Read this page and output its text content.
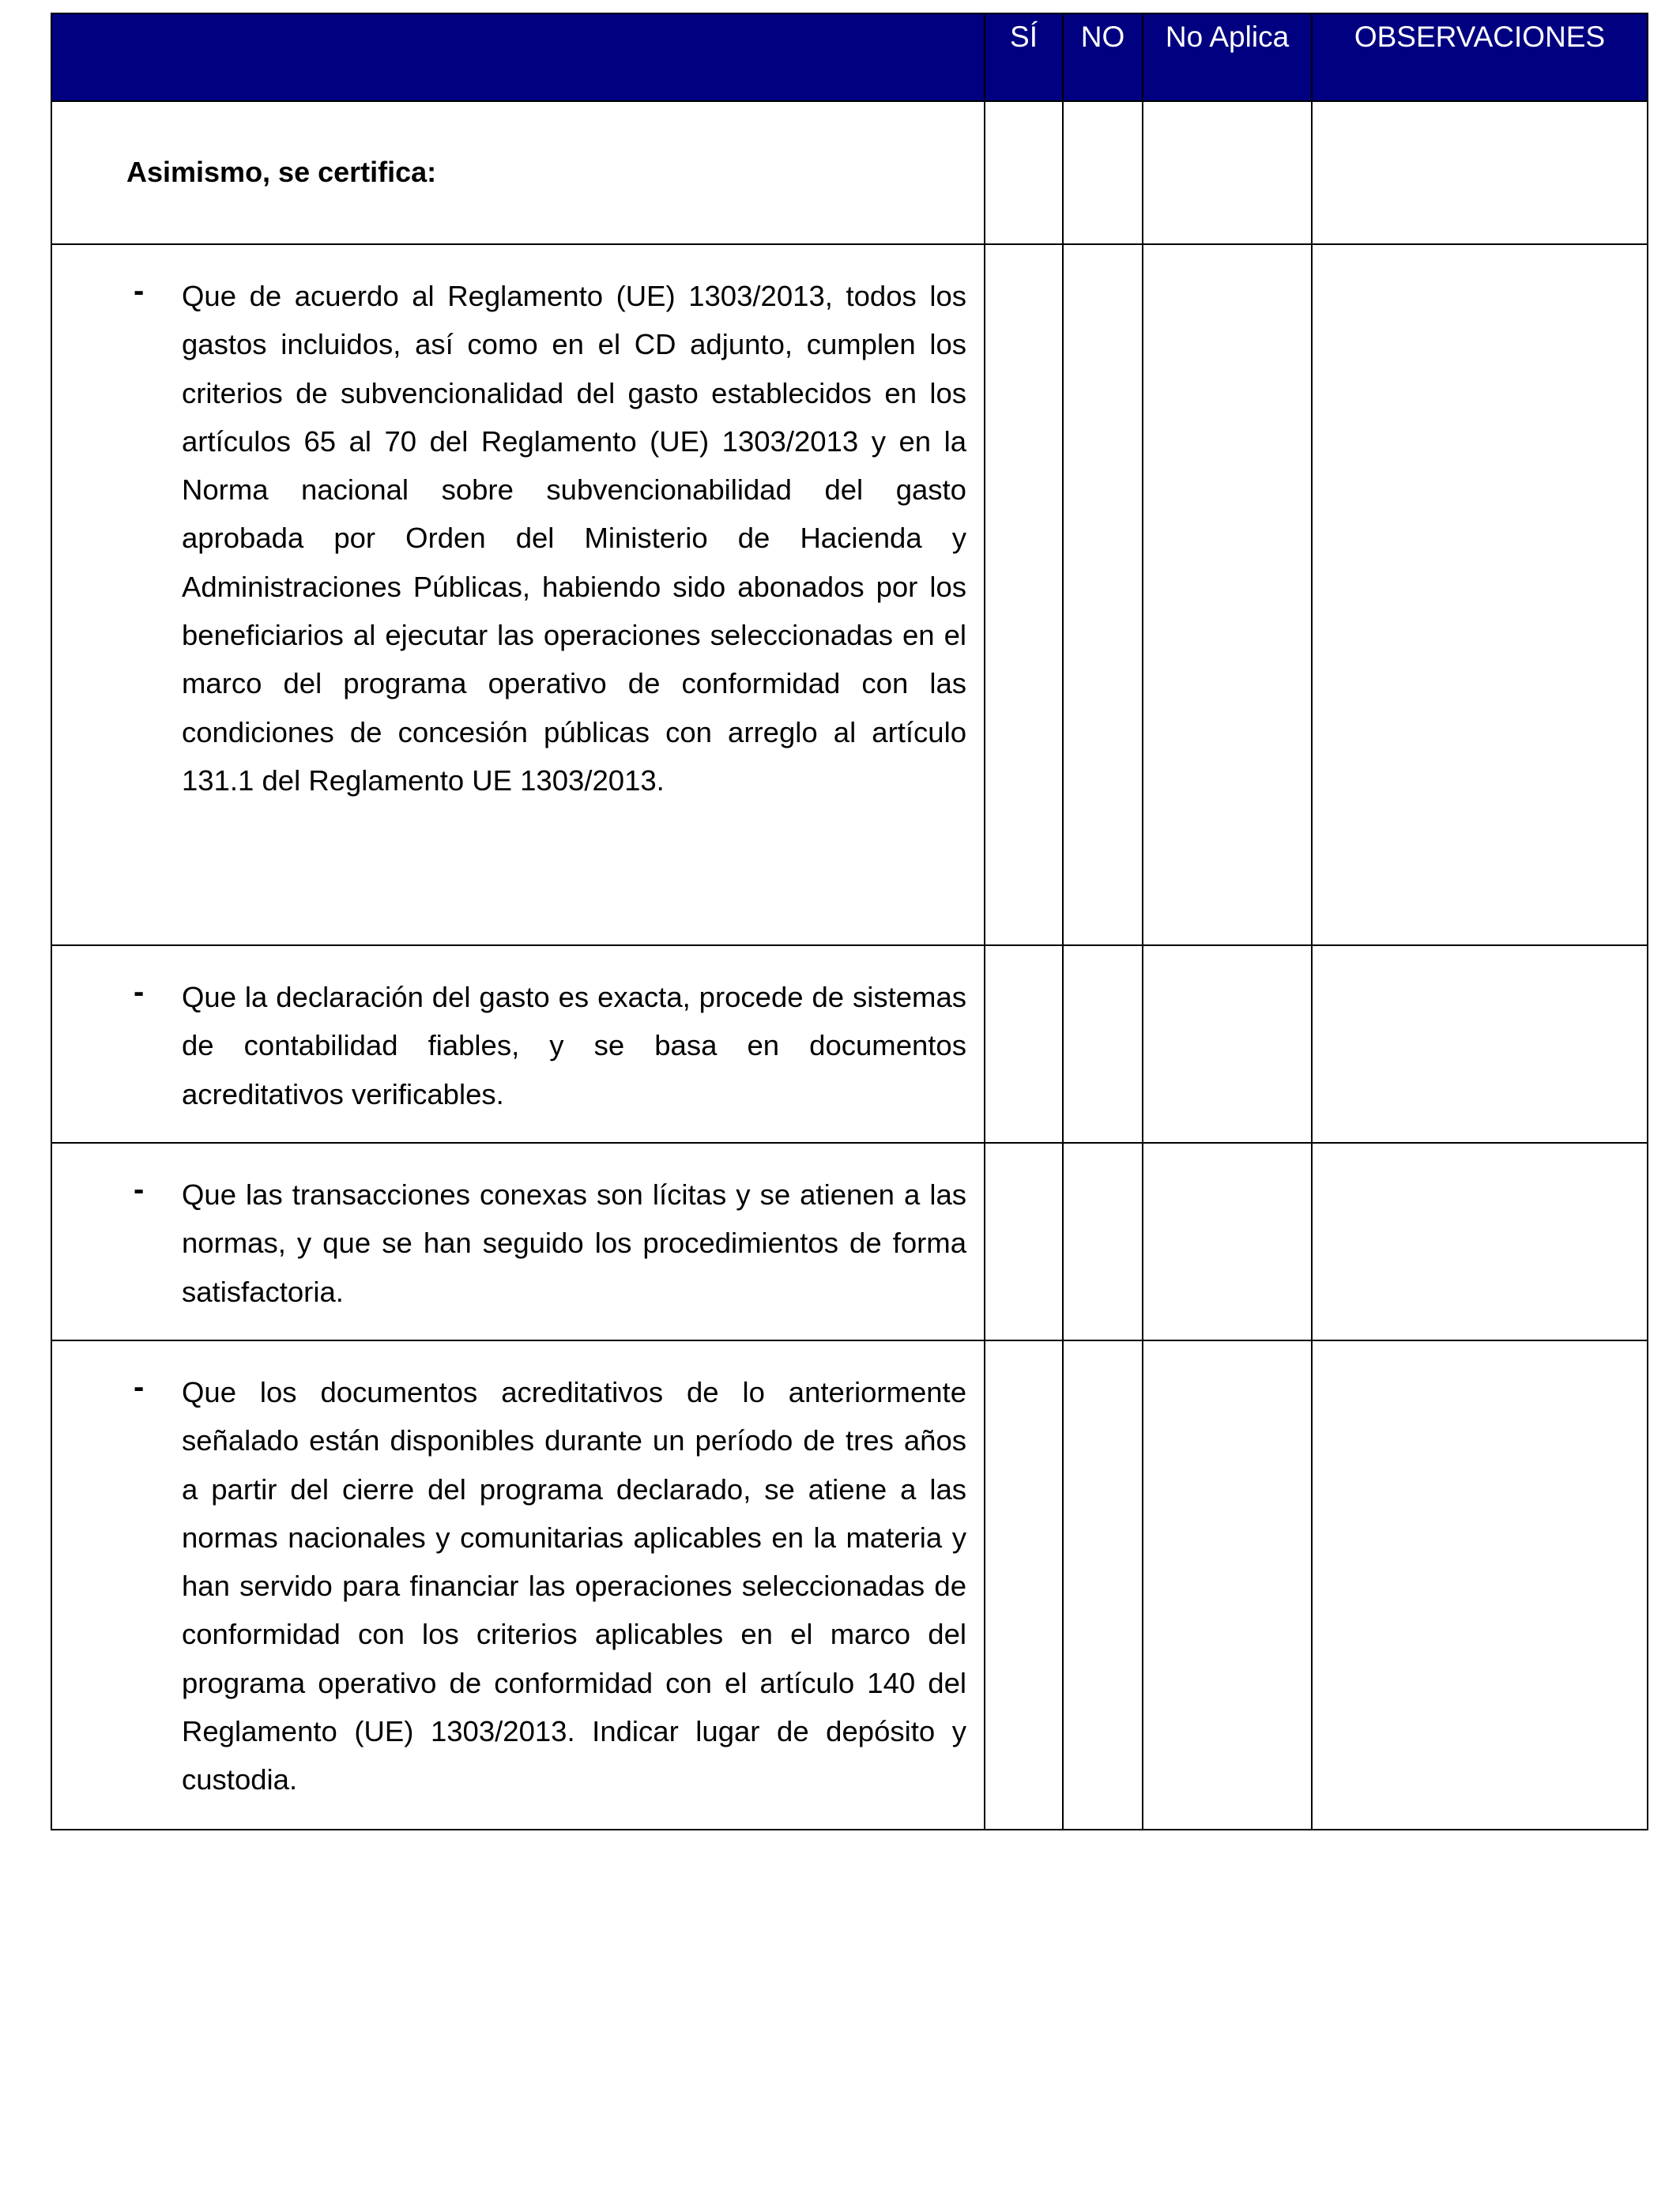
	SÍ	NO	No Aplica	OBSERVACIONES

Asimismo, se certifica:				

- Que de acuerdo al Reglamento (UE) 1303/2013, todos los gastos incluidos, así como en el CD adjunto, cumplen los criterios de subvencionalidad del gasto establecidos en los artículos 65 al 70 del Reglamento (UE) 1303/2013 y en la Norma nacional sobre subvencionabilidad del gasto aprobada por Orden del Ministerio de Hacienda y Administraciones Públicas, habiendo sido abonados por los beneficiarios al ejecutar las operaciones seleccionadas en el marco del programa operativo de conformidad con las condiciones de concesión públicas con arreglo al artículo 131.1 del Reglamento UE 1303/2013.				

- Que la declaración del gasto es exacta, procede de sistemas de contabilidad fiables, y se basa en documentos acreditativos verificables.				

- Que las transacciones conexas son lícitas y se atienen a las normas, y que se han seguido los procedimientos de forma satisfactoria.				

- Que los documentos acreditativos de lo anteriormente señalado están disponibles durante un período de tres años a partir del cierre del programa declarado, se atiene a las normas nacionales y comunitarias aplicables en la materia y han servido para financiar las operaciones seleccionadas de conformidad con los criterios aplicables en el marco del programa operativo de conformidad con el artículo 140 del Reglamento (UE) 1303/2013. Indicar lugar de depósito y custodia.				
